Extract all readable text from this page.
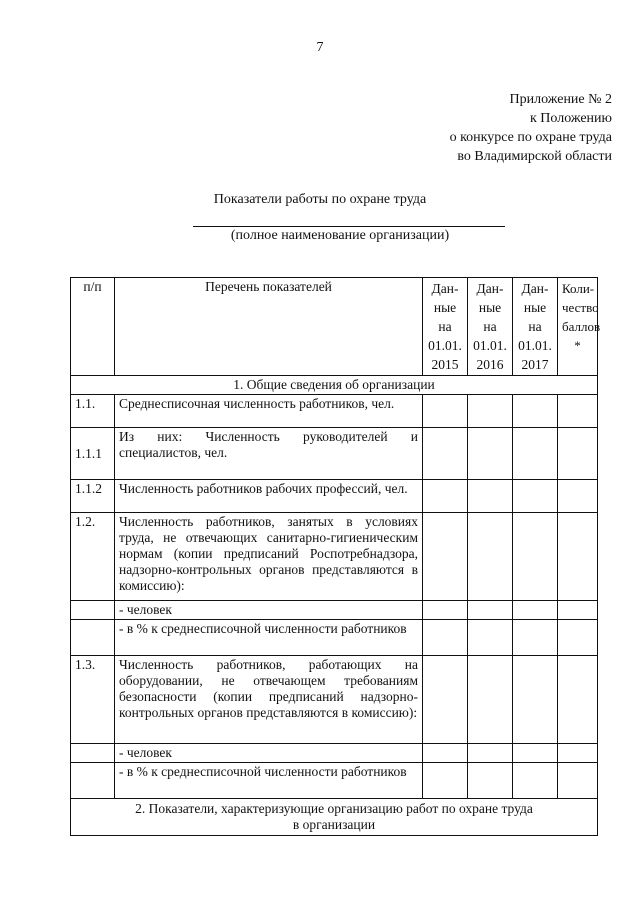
7
Приложение № 2
к Положению
о конкурсе по охране труда
во Владимирской области
Показатели работы по охране труда
(полное наименование организации)
п/п	Перечень показателей	Дан- ные на 01.01. 2015	Дан- ные на 01.01. 2016	Дан- ные на 01.01. 2017	Коли- чество баллов *
1. Общие сведения об организации					
1.1.	Среднесписочная численность работников, чел.				
1.1.1	Из них: Численность руководителей и специалистов, чел.				
1.1.2	Численность работников рабочих профессий, чел.				
1.2.	Численность работников, занятых в условиях труда, не отвечающих санитарно-гигиеническим нормам (копии предписаний Роспотребнадзора, надзорно-контрольных органов представляются в комиссию):				
	- человек				
	- в % к среднесписочной численности работников				
1.3.	Численность работников, работающих на оборудовании, не отвечающем требованиям безопасности (копии предписаний надзорно-контрольных органов представляются в комиссию):				
	- человек				
	- в % к среднесписочной численности работников				
2. Показатели, характеризующие организацию работ по охране труда в организации					
